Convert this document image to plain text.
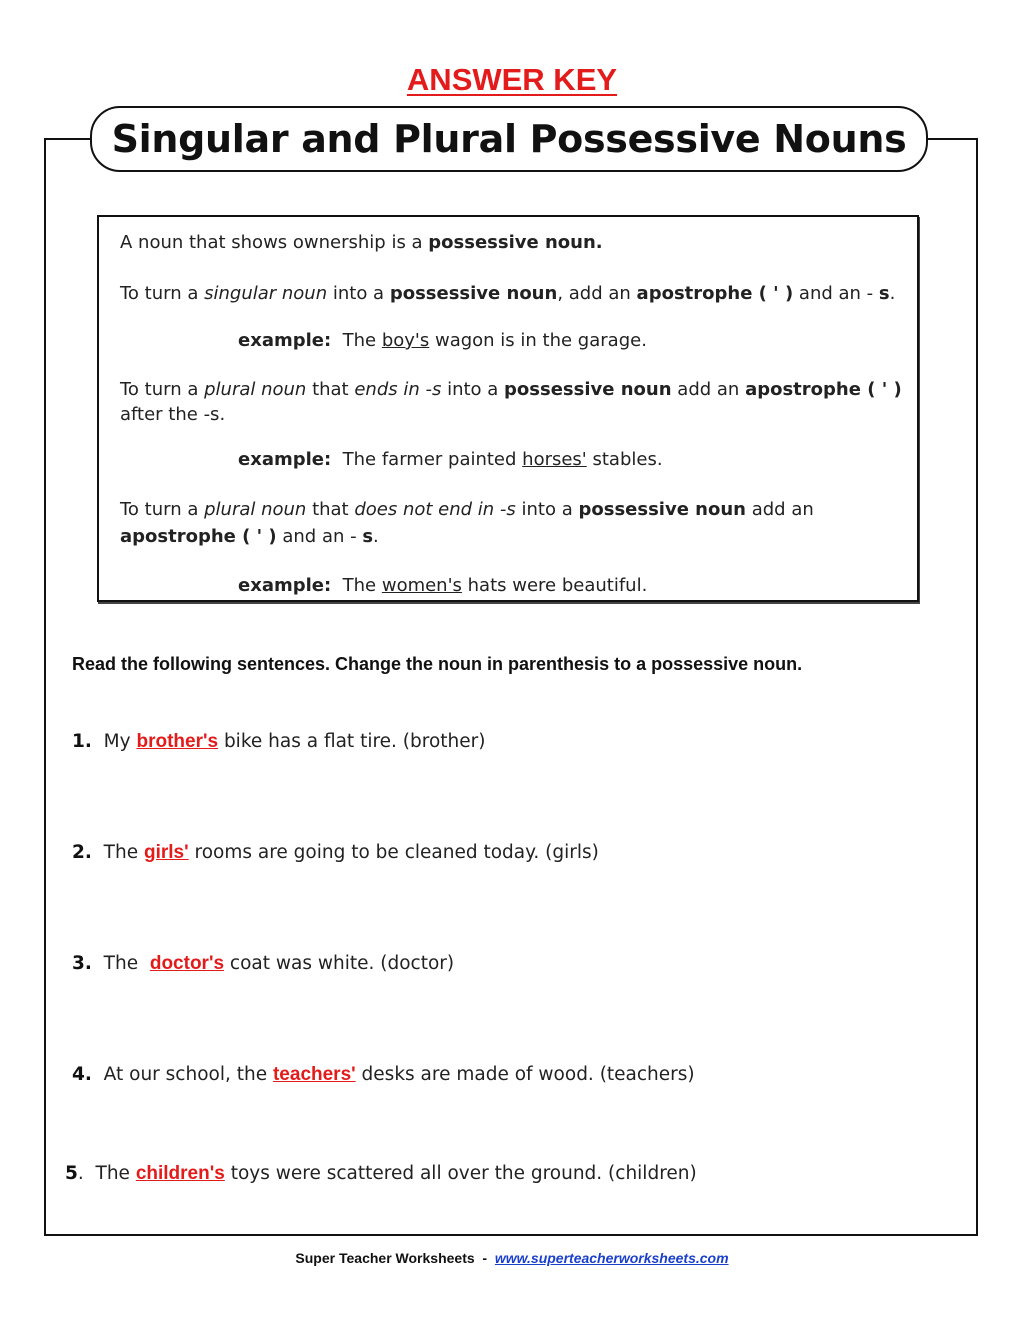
ANSWER KEY
Singular and Plural Possessive Nouns
A noun that shows ownership is a possessive noun.
To turn a singular noun into a possessive noun, add an apostrophe ( ' ) and an - s.
example:  The boy's wagon is in the garage.
To turn a plural noun that ends in -s into a possessive noun add an apostrophe ( ' )
after the -s.
example:  The farmer painted horses' stables.
To turn a plural noun that does not end in -s into a possessive noun add an
apostrophe ( ' ) and an - s.
example:  The women's hats were beautiful.
Read the following sentences. Change the noun in parenthesis to a possessive noun.
1.  My brother's bike has a flat tire. (brother)
2.  The girls' rooms are going to be cleaned today. (girls)
3.  The  doctor's coat was white. (doctor)
4.  At our school, the teachers' desks are made of wood. (teachers)
5.  The children's toys were scattered all over the ground. (children)
Super Teacher Worksheets  -  www.superteacherworksheets.com
